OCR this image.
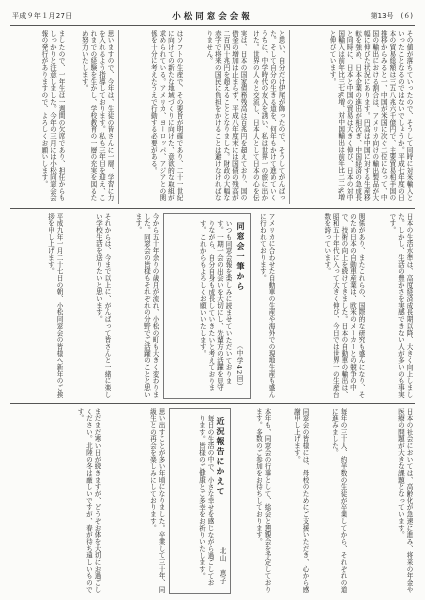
平成９年１月27日	小松同窓会会報	第13号　(６)
その値が落ちていったので、そうして同時に対米輸入といったことなるのではないでしょうか。平成七年度の日本の貿易総額は三五八兆六千億円で、主要貿易相手国の推移からみると一、中国が米国に次ぐ二位になって、中国の輸出における割合は、アメリカ向けの輸出製品が大幅に伸びた状況にあります。円高は中国に対する生産移転を強め、日本企業の進出が相次ぎ、中国経済の急成長と同時に、日本と中国の貿易は大きく伸び、日本の対中国輸入は前年比三七%増、対中国輸出は前年比二二%増と伸びています。
と思い、自分だけ伊尾が飾ったので、そうしてがんばった。そして自分の生きる道を、何年もかけて進めていくうちに、中学時代の友人を誘い、私は世界一の旅に出かけた。世界の人々と交流し、日本人として日本の心を伝
実は、日本の国家債務残高は百兆円を超えており、国の借金の増加は止まらず、平成八年度末には国債の残高が二百四十兆円を超えることとなりました。財政の大幅な赤字で将来の国民に負担をかけることは避けなければなりません。
はソフトの生産で、その要旨が明確であり、二十一世紀に向けての新たな地域づくりに向けた、意欲的な取組が求められている。アメリカ、ヨーロッパ、アジアとの関係を十分に考えたうえで行動する必要がある。
思いますので、今年は、生徒の皆さんに一層、学習に力を入れるよう指導しております。私も三年目を迎え、これまでの経験を生かし、学校教育の一層の充実を図るため努力いたします。
ましたので、一年生は一週間の欠席であり、担任からもしっかりと注意しました。今年の三月には小松同窓会会報の発行がありますので、よろしくお願いします。
日本の生活水準は、高度経済成長期以降、大きく向上しました。しかし、生活の豊かさを実感できない人が多いのも事実です。
関係があり、またこれらの、国際的な研究も盛んになり、そのため日本の自動車産業は、欧米のメーカーとの競争の中で、技術の向上を続けてきました。日本の自動車の輸出は、昭和五十年代に入って大きく伸び、今日では世界一の生産台数を誇っています。
アメリカに合わせた自動車の生産や海外での現地生産も盛んに行われております。
同窓会一筆から
（中学42回）
いつも同窓会報を楽しみに読ませていただいております。一期一会の出会いを大切にし、先輩方の活躍を見守りながら、自分自身も成長していきたいと考えております。これからもよろしくお願いいたします。
今から五十年余りの歳月が流れ、小松の町も大きく変わりました。同窓会の皆様もそれぞれの分野でご活躍のことと思います。
それからは、今まで以上に、がんばって皆さんと一緒に楽しい学校生活を送りたいと思います。
平成九年一月二十七日の朝、小松同窓会の皆様へ新年のご挨拶を申し上げます。
日本の社会においては、高齢化が急速に進み、将来の年金や医療の問題が大きな課題となっています。
毎年の三十人、約半数の生徒が卒業してから、それぞれの道に進みました。
同窓会の皆様には、母校のためにご支援いただき、心から感謝申し上げます。
本年も、同窓会の行事として、総会と懇親会を予定しております。多数のご参加をお待ちしております。
近況報告にかえて
北山　恵子
毎日の生活の中で、小さな幸せを感じながら過ごしております。皆様のご健康とご多幸をお祈りいたします。
思い出すことが多い年頃になりました。卒業して三十年、同級生との再会を楽しみにしております。
まだまだ寒い日が続きますが、どうぞお体を大切にお過ごしください。北陸の冬は厳しいですが、春が待ち遠しいものです。
